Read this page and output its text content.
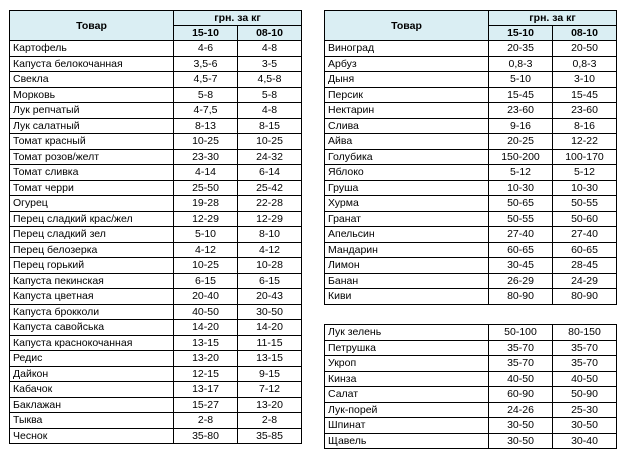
Товар	грн. за кг	
	15-10	08-10
Картофель	4-6	4-8
Капуста белокочанная	3,5-6	3-5
Свекла	4,5-7	4,5-8
Морковь	5-8	5-8
Лук репчатый	4-7,5	4-8
Лук салатный	8-13	8-15
Томат красный	10-25	10-25
Томат розов/желт	23-30	24-32
Томат сливка	4-14	6-14
Томат черри	25-50	25-42
Огурец	19-28	22-28
Перец сладкий крас/жел	12-29	12-29
Перец сладкий зел	5-10	8-10
Перец белозерка	4-12	4-12
Перец горький	10-25	10-28
Капуста пекинская	6-15	6-15
Капуста цветная	20-40	20-43
Капуста брокколи	40-50	30-50
Капуста савойська	14-20	14-20
Капуста краснокочанная	13-15	11-15
Редис	13-20	13-15
Дайкон	12-15	9-15
Кабачок	13-17	7-12
Баклажан	15-27	13-20
Тыква	2-8	2-8
Чеснок	35-80	35-85
Товар	грн. за кг	
	15-10	08-10
Виноград	20-35	20-50
Арбуз	0,8-3	0,8-3
Дыня	5-10	3-10
Персик	15-45	15-45
Нектарин	23-60	23-60
Слива	9-16	8-16
Айва	20-25	12-22
Голубика	150-200	100-170
Яблоко	5-12	5-12
Груша	10-30	10-30
Хурма	50-65	50-55
Гранат	50-55	50-60
Апельсин	27-40	27-40
Мандарин	60-65	60-65
Лимон	30-45	28-45
Банан	26-29	24-29
Киви	80-90	80-90
Лук зелень	50-100	80-150
Петрушка	35-70	35-70
Укроп	35-70	35-70
Кинза	40-50	40-50
Салат	60-90	50-90
Лук-порей	24-26	25-30
Шпинат	30-50	30-50
Щавель	30-50	30-40
